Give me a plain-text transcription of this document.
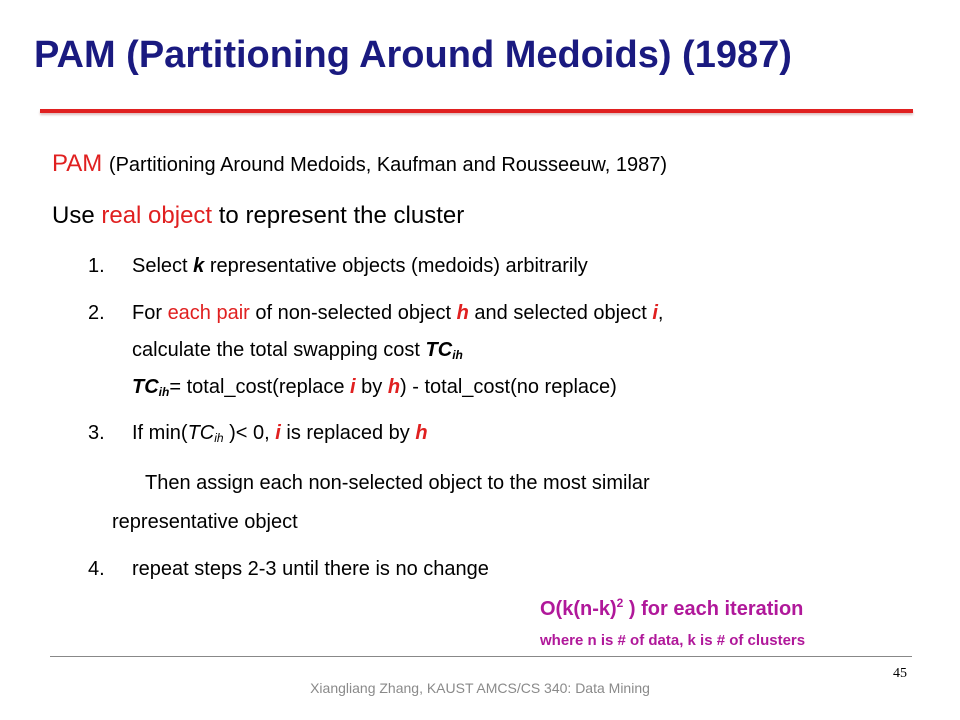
PAM (Partitioning Around Medoids) (1987)
PAM (Partitioning Around Medoids, Kaufman and Rousseeuw, 1987)
Use real object to represent the cluster
1. Select k representative objects (medoids) arbitrarily
2. For each pair of non-selected object h and selected object i,
calculate the total swapping cost $TC_{ih}$
$TC_{ih}=$ total_cost(replace i by h) - total_cost(no replace)
3. If $\min(TC_{ih}$ )< 0, i is replaced by h
Then assign each non-selected object to the most similar
representative object
4. repeat steps 2-3 until there is no change
$O(k(n-k)^2$ ) for each iteration
where n is # of data, k is # of clusters
45
Xiangliang Zhang, KAUST AMCS/CS 340: Data Mining
